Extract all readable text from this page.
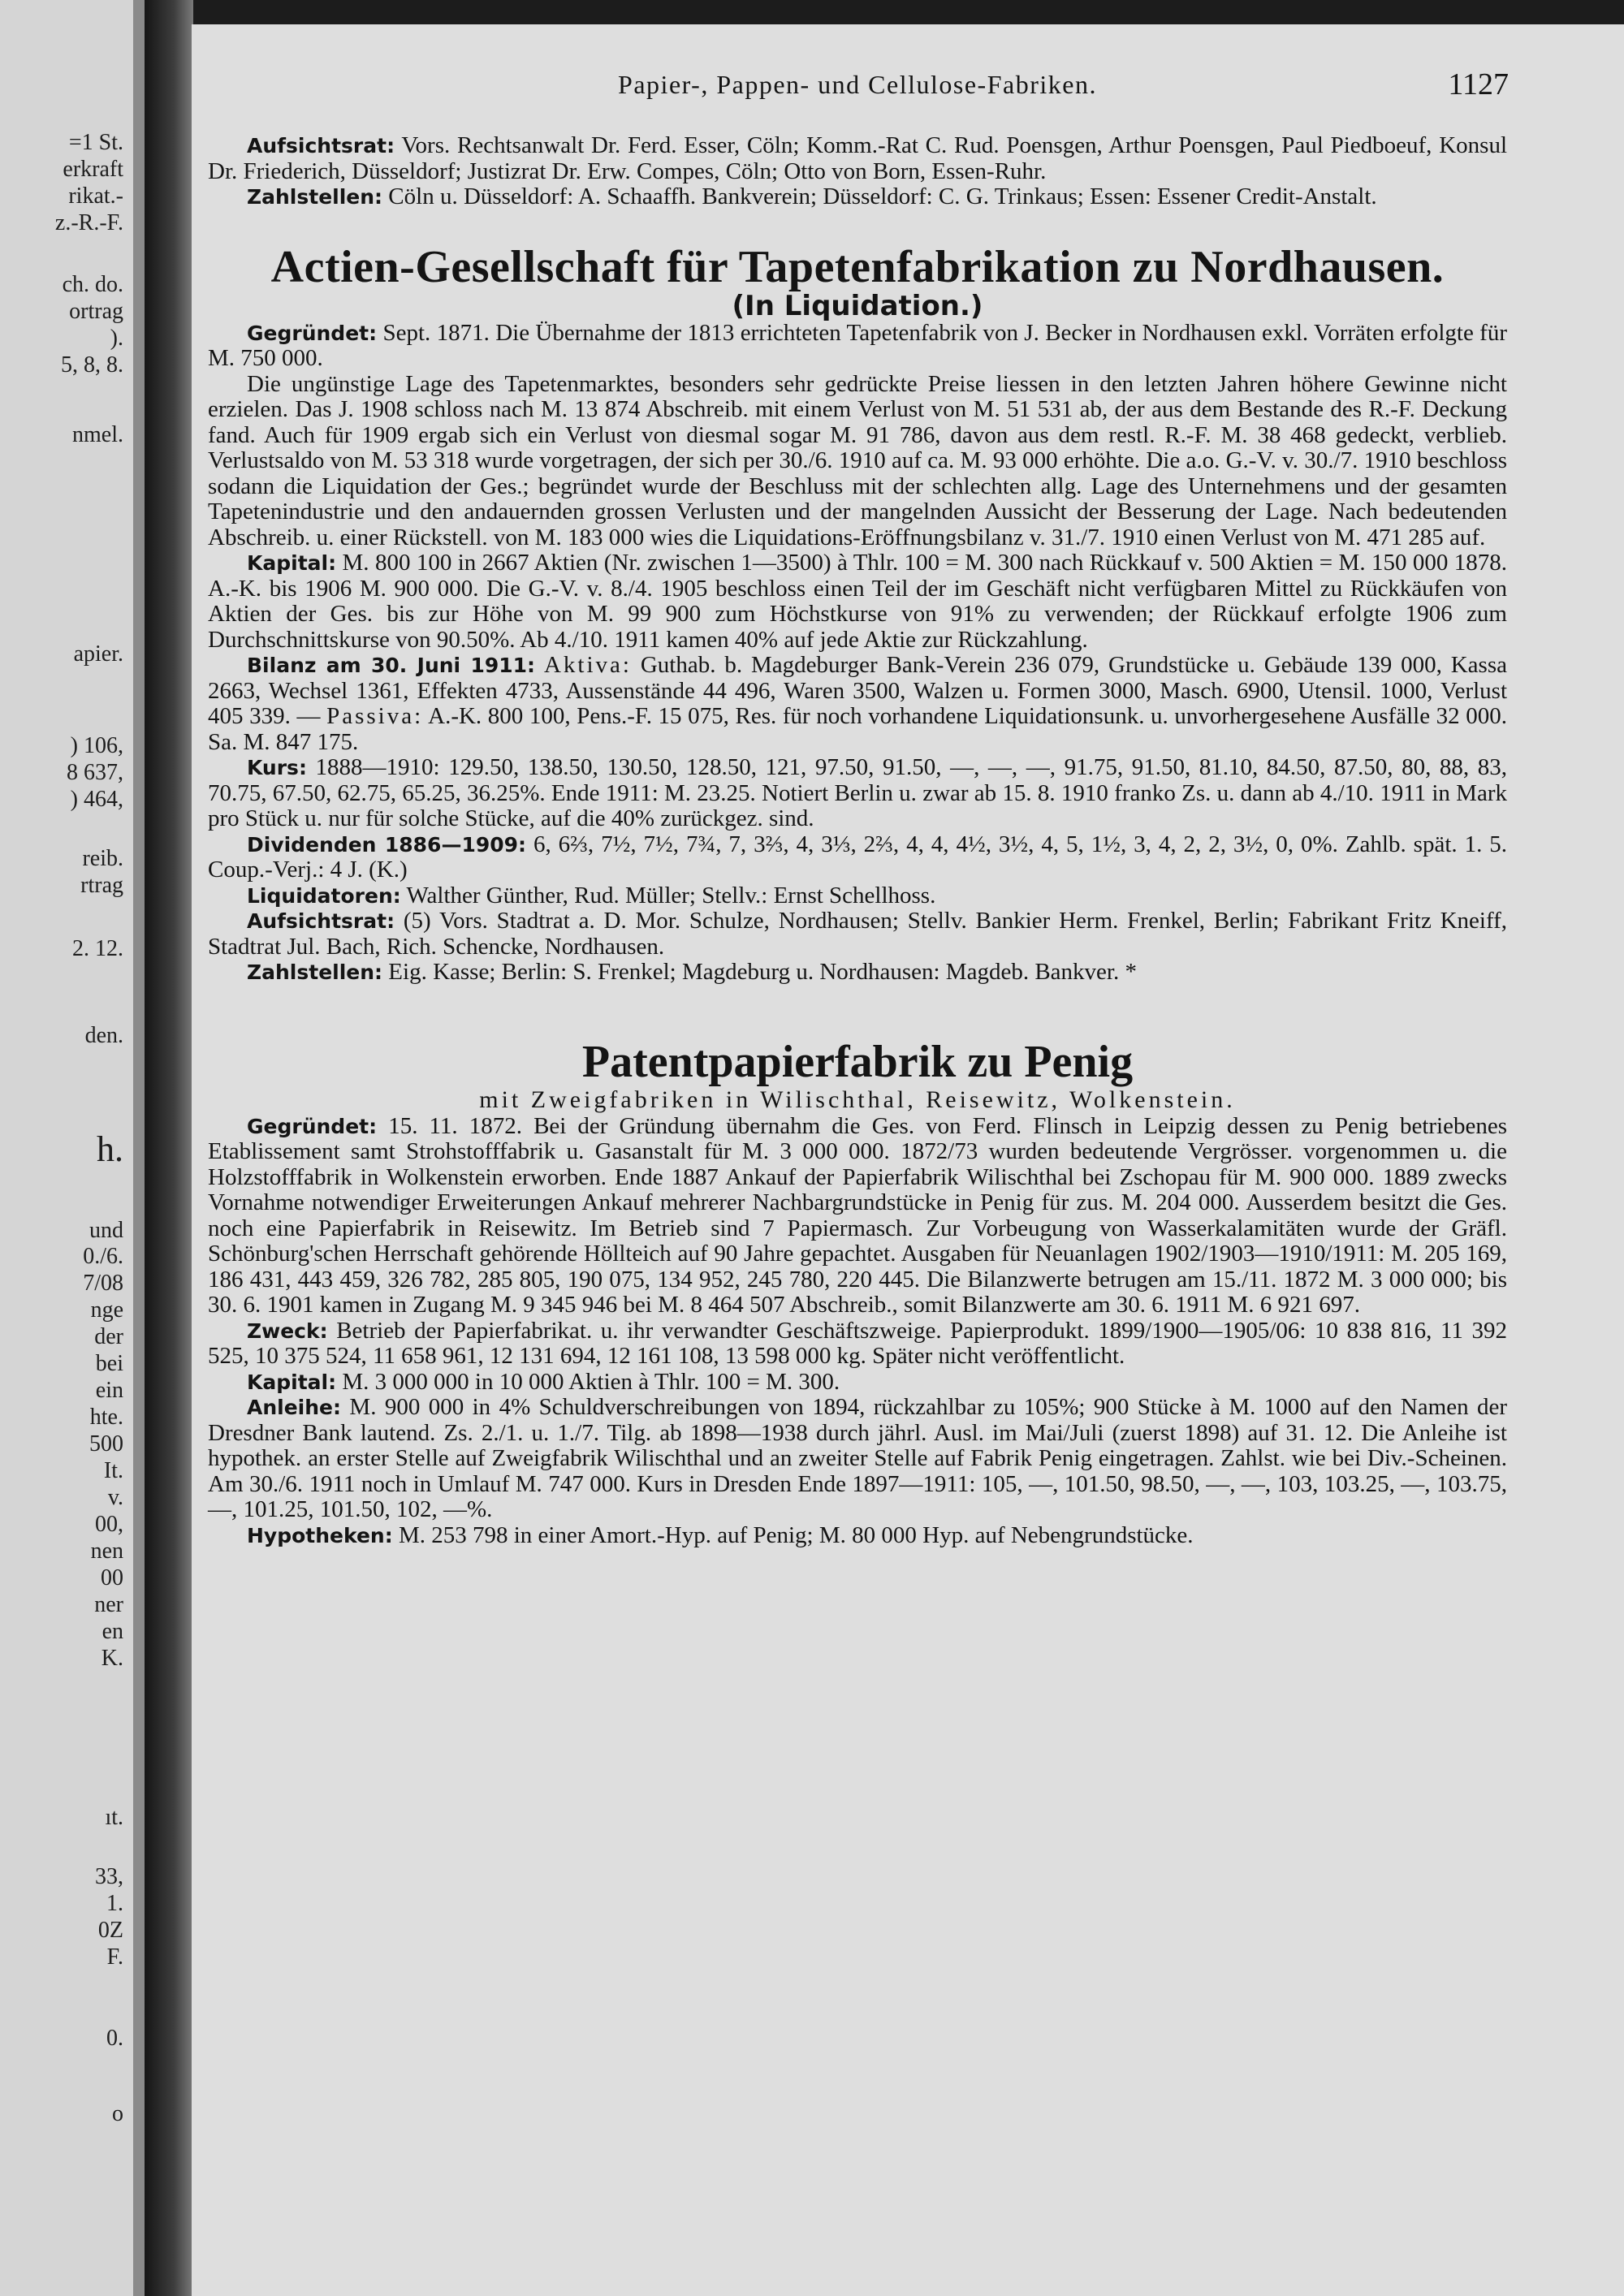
=1 St.
erkraft
rikat.-
z.-R.-F.
ch. do.
ortrag
).
5, 8, 8.
nmel.
apier.
) 106,
8 637,
) 464,
reib.
rtrag
2. 12.
den.
h.
und
0./6.
7/08
nge
der
bei
ein
hte.
500
It.
v.
00,
nen
00
ner
en
K.
ıt.
33,
1.
0Z
F.
0.
o
Papier-, Pappen- und Cellulose-Fabriken.	1127

Aufsichtsrat: Vors. Rechtsanwalt Dr. Ferd. Esser, Cöln; Komm.-Rat C. Rud. Poensgen, Arthur Poensgen, Paul Piedboeuf, Konsul Dr. Friederich, Düsseldorf; Justizrat Dr. Erw. Compes, Cöln; Otto von Born, Essen-Ruhr.

Zahlstellen: Cöln u. Düsseldorf: A. Schaaffh. Bankverein; Düsseldorf: C. G. Trinkaus; Essen: Essener Credit-Anstalt.

Actien-Gesellschaft für Tapetenfabrikation zu Nordhausen.
(In Liquidation.)

Gegründet: Sept. 1871. Die Übernahme der 1813 errichteten Tapetenfabrik von J. Becker in Nordhausen exkl. Vorräten erfolgte für M. 750 000.

Die ungünstige Lage des Tapetenmarktes, besonders sehr gedrückte Preise liessen in den letzten Jahren höhere Gewinne nicht erzielen. Das J. 1908 schloss nach M. 13 874 Abschreib. mit einem Verlust von M. 51 531 ab, der aus dem Bestande des R.-F. Deckung fand. Auch für 1909 ergab sich ein Verlust von diesmal sogar M. 91 786, davon aus dem restl. R.-F. M. 38 468 gedeckt, verblieb. Verlustsaldo von M. 53 318 wurde vorgetragen, der sich per 30./6. 1910 auf ca. M. 93 000 erhöhte. Die a.o. G.-V. v. 30./7. 1910 beschloss sodann die Liquidation der Ges.; begründet wurde der Beschluss mit der schlechten allg. Lage des Unternehmens und der gesamten Tapetenindustrie und den andauernden grossen Verlusten und der mangelnden Aussicht der Besserung der Lage. Nach bedeutenden Abschreib. u. einer Rückstell. von M. 183 000 wies die Liquidations-Eröffnungsbilanz v. 31./7. 1910 einen Verlust von M. 471 285 auf.

Kapital: M. 800 100 in 2667 Aktien (Nr. zwischen 1—3500) à Thlr. 100 = M. 300 nach Rückkauf v. 500 Aktien = M. 150 000 1878. A.-K. bis 1906 M. 900 000. Die G.-V. v. 8./4. 1905 beschloss einen Teil der im Geschäft nicht verfügbaren Mittel zu Rückkäufen von Aktien der Ges. bis zur Höhe von M. 99 900 zum Höchstkurse von 91% zu verwenden; der Rückkauf erfolgte 1906 zum Durchschnittskurse von 90.50%. Ab 4./10. 1911 kamen 40% auf jede Aktie zur Rückzahlung.

Bilanz am 30. Juni 1911: Aktiva: Guthab. b. Magdeburger Bank-Verein 236 079, Grundstücke u. Gebäude 139 000, Kassa 2663, Wechsel 1361, Effekten 4733, Aussenstände 44 496, Waren 3500, Walzen u. Formen 3000, Masch. 6900, Utensil. 1000, Verlust 405 339. — Passiva: A.-K. 800 100, Pens.-F. 15 075, Res. für noch vorhandene Liquidationsunk. u. unvorhergesehene Ausfälle 32 000. Sa. M. 847 175.

Kurs: 1888—1910: 129.50, 138.50, 130.50, 128.50, 121, 97.50, 91.50, —, —, —, 91.75, 91.50, 81.10, 84.50, 87.50, 80, 88, 83, 70.75, 67.50, 62.75, 65.25, 36.25%. Ende 1911: M. 23.25. Notiert Berlin u. zwar ab 15. 8. 1910 franko Zs. u. dann ab 4./10. 1911 in Mark pro Stück u. nur für solche Stücke, auf die 40% zurückgez. sind.

Dividenden 1886—1909: 6, 6⅔, 7½, 7½, 7¾, 7, 3⅔, 4, 3⅓, 2⅔, 4, 4, 4½, 3½, 4, 5, 1½, 3, 4, 2, 2, 3½, 0, 0%. Zahlb. spät. 1. 5. Coup.-Verj.: 4 J. (K.)

Liquidatoren: Walther Günther, Rud. Müller; Stellv.: Ernst Schellhoss.

Aufsichtsrat: (5) Vors. Stadtrat a. D. Mor. Schulze, Nordhausen; Stellv. Bankier Herm. Frenkel, Berlin; Fabrikant Fritz Kneiff, Stadtrat Jul. Bach, Rich. Schencke, Nordhausen.

Zahlstellen: Eig. Kasse; Berlin: S. Frenkel; Magdeburg u. Nordhausen: Magdeb. Bankver. *

Patentpapierfabrik zu Penig
mit Zweigfabriken in Wilischthal, Reisewitz, Wolkenstein.

Gegründet: 15. 11. 1872. Bei der Gründung übernahm die Ges. von Ferd. Flinsch in Leipzig dessen zu Penig betriebenes Etablissement samt Strohstofffabrik u. Gasanstalt für M. 3 000 000. 1872/73 wurden bedeutende Vergrösser. vorgenommen u. die Holzstofffabrik in Wolkenstein erworben. Ende 1887 Ankauf der Papierfabrik Wilischthal bei Zschopau für M. 900 000. 1889 zwecks Vornahme notwendiger Erweiterungen Ankauf mehrerer Nachbargrundstücke in Penig für zus. M. 204 000. Ausserdem besitzt die Ges. noch eine Papierfabrik in Reisewitz. Im Betrieb sind 7 Papiermasch. Zur Vorbeugung von Wasserkalamitäten wurde der Gräfl. Schönburg'schen Herrschaft gehörende Höllteich auf 90 Jahre gepachtet. Ausgaben für Neuanlagen 1902/1903—1910/1911: M. 205 169, 186 431, 443 459, 326 782, 285 805, 190 075, 134 952, 245 780, 220 445. Die Bilanzwerte betrugen am 15./11. 1872 M. 3 000 000; bis 30. 6. 1901 kamen in Zugang M. 9 345 946 bei M. 8 464 507 Abschreib., somit Bilanzwerte am 30. 6. 1911 M. 6 921 697.

Zweck: Betrieb der Papierfabrikat. u. ihr verwandter Geschäftszweige. Papierprodukt. 1899/1900—1905/06: 10 838 816, 11 392 525, 10 375 524, 11 658 961, 12 131 694, 12 161 108, 13 598 000 kg. Später nicht veröffentlicht.

Kapital: M. 3 000 000 in 10 000 Aktien à Thlr. 100 = M. 300.

Anleihe: M. 900 000 in 4% Schuldverschreibungen von 1894, rückzahlbar zu 105%; 900 Stücke à M. 1000 auf den Namen der Dresdner Bank lautend. Zs. 2./1. u. 1./7. Tilg. ab 1898—1938 durch jährl. Ausl. im Mai/Juli (zuerst 1898) auf 31. 12. Die Anleihe ist hypothek. an erster Stelle auf Zweigfabrik Wilischthal und an zweiter Stelle auf Fabrik Penig eingetragen. Zahlst. wie bei Div.-Scheinen. Am 30./6. 1911 noch in Umlauf M. 747 000. Kurs in Dresden Ende 1897—1911: 105, —, 101.50, 98.50, —, —, 103, 103.25, —, 103.75, —, 101.25, 101.50, 102, —%.

Hypotheken: M. 253 798 in einer Amort.-Hyp. auf Penig; M. 80 000 Hyp. auf Nebengrundstücke.
